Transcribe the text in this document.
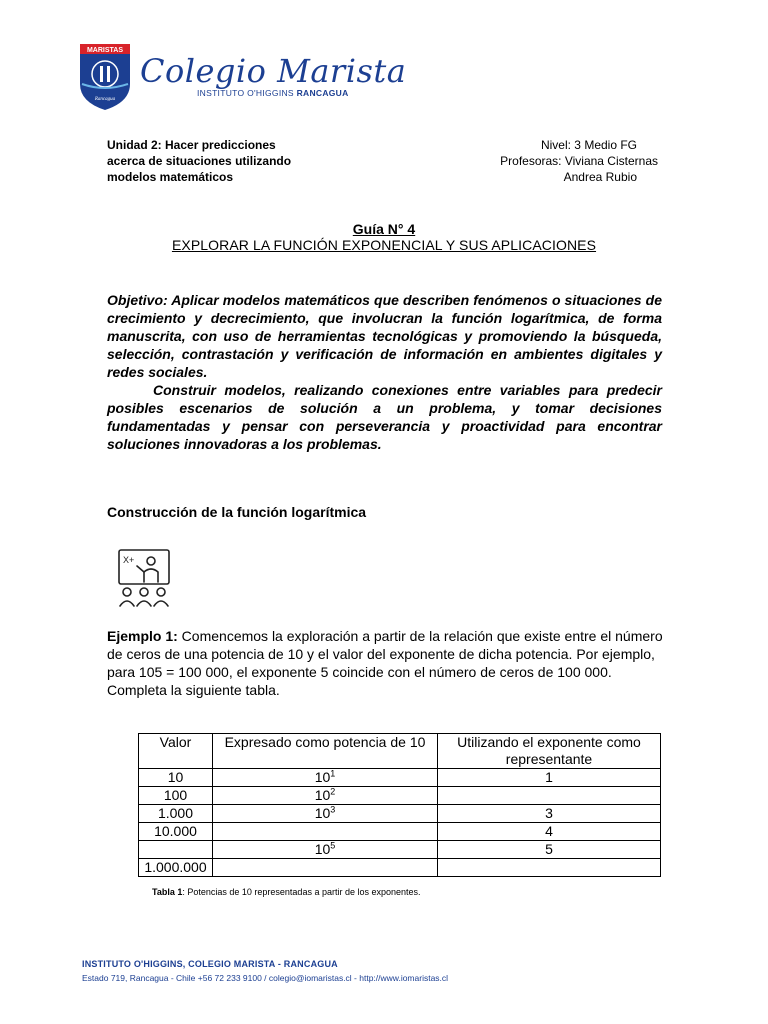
MARISTAS
Rancagua
Colegio Marista
INSTITUTO O'HIGGINS RANCAGUA
Unidad 2: Hacer predicciones
acerca de situaciones utilizando
modelos matemáticos
Nivel: 3 Medio FG
Profesoras: Viviana Cisternas
Andrea Rubio
Guía N° 4
EXPLORAR LA FUNCIÓN EXPONENCIAL Y SUS APLICACIONES

Objetivo: Aplicar modelos matemáticos que describen fenómenos o situaciones de crecimiento y decrecimiento, que involucran la función logarítmica, de forma manuscrita, con uso de herramientas tecnológicas y promoviendo la búsqueda, selección, contrastación y verificación de información en ambientes digitales y redes sociales.

Construir modelos, realizando conexiones entre variables para predecir posibles escenarios de solución a un problema, y tomar decisiones fundamentadas y pensar con perseverancia y proactividad para encontrar soluciones innovadoras a los problemas.

Construcción de la función logarítmica
X+
Ejemplo 1: Comencemos la exploración a partir de la relación que existe entre el número de ceros de una potencia de 10 y el valor del exponente de dicha potencia. Por ejemplo, para 105 = 100 000, el exponente 5 coincide con el número de ceros de 100 000. Completa la siguiente tabla.
Valor	Expresado como potencia de 10	Utilizando el exponente como representante
10	$10^1$	1
100	$10^2$	
1.000	$10^3$	3
10.000		4
	$10^5$	5
1.000.000		
Tabla 1: Potencias de 10 representadas a partir de los exponentes.
INSTITUTO O'HIGGINS, COLEGIO MARISTA - RANCAGUA
Estado 719, Rancagua - Chile +56 72 233 9100 / colegio@iomaristas.cl - http://www.iomaristas.cl
